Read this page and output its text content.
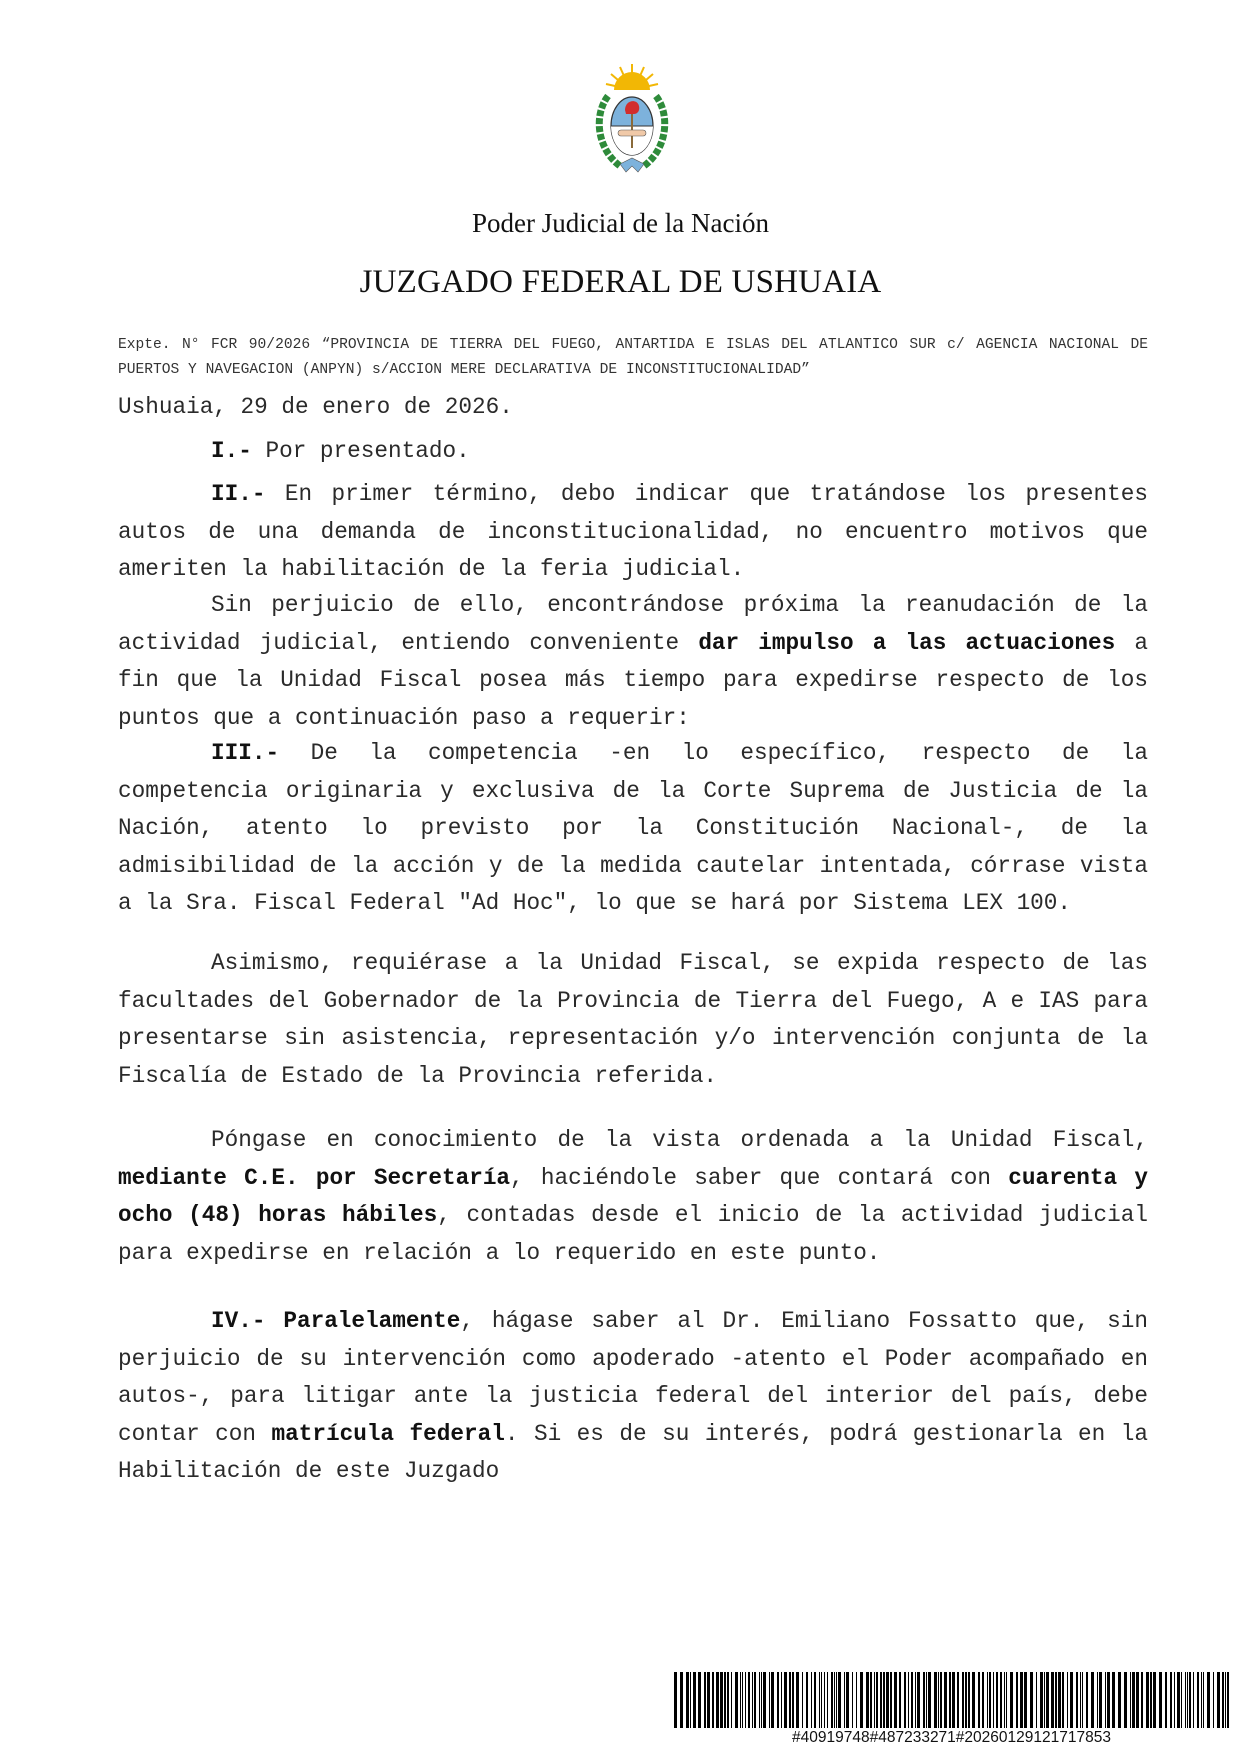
Poder Judicial de la Nación
JUZGADO FEDERAL DE USHUAIA
Expte. N° FCR 90/2026 “PROVINCIA DE TIERRA DEL FUEGO, ANTARTIDA E ISLAS DEL ATLANTICO SUR c/ AGENCIA NACIONAL DE PUERTOS Y NAVEGACION (ANPYN) s/ACCION MERE DECLARATIVA DE INCONSTITUCIONALIDAD”

Ushuaia, 29 de enero de 2026.

I.- Por presentado.

II.- En primer término, debo indicar que tratándose los presentes autos de una demanda de inconstitucionalidad, no encuentro motivos que ameriten la habilitación de la feria judicial.

Sin perjuicio de ello, encontrándose próxima la reanudación de la actividad judicial, entiendo conveniente dar impulso a las actuaciones a fin que la Unidad Fiscal posea más tiempo para expedirse respecto de los puntos que a continuación paso a requerir:

III.- De la competencia -en lo específico, respecto de la competencia originaria y exclusiva de la Corte Suprema de Justicia de la Nación, atento lo previsto por la Constitución Nacional-, de la admisibilidad de la acción y de la medida cautelar intentada, córrase vista a la Sra. Fiscal Federal "Ad Hoc", lo que se hará por Sistema LEX 100.

Asimismo, requiérase a la Unidad Fiscal, se expida respecto de las facultades del Gobernador de la Provincia de Tierra del Fuego, A e IAS para presentarse sin asistencia, representación y/o intervención conjunta de la Fiscalía de Estado de la Provincia referida.

Póngase en conocimiento de la vista ordenada a la Unidad Fiscal, mediante C.E. por Secretaría, haciéndole saber que contará con cuarenta y ocho (48) horas hábiles, contadas desde el inicio de la actividad judicial para expedirse en relación a lo requerido en este punto.

IV.- Paralelamente, hágase saber al Dr. Emiliano Fossatto que, sin perjuicio de su intervención como apoderado -atento el Poder acompañado en autos-, para litigar ante la justicia federal del interior del país, debe contar con matrícula federal. Si es de su interés, podrá gestionarla en la Habilitación de este Juzgado

#40919748#487233271#20260129121717853
